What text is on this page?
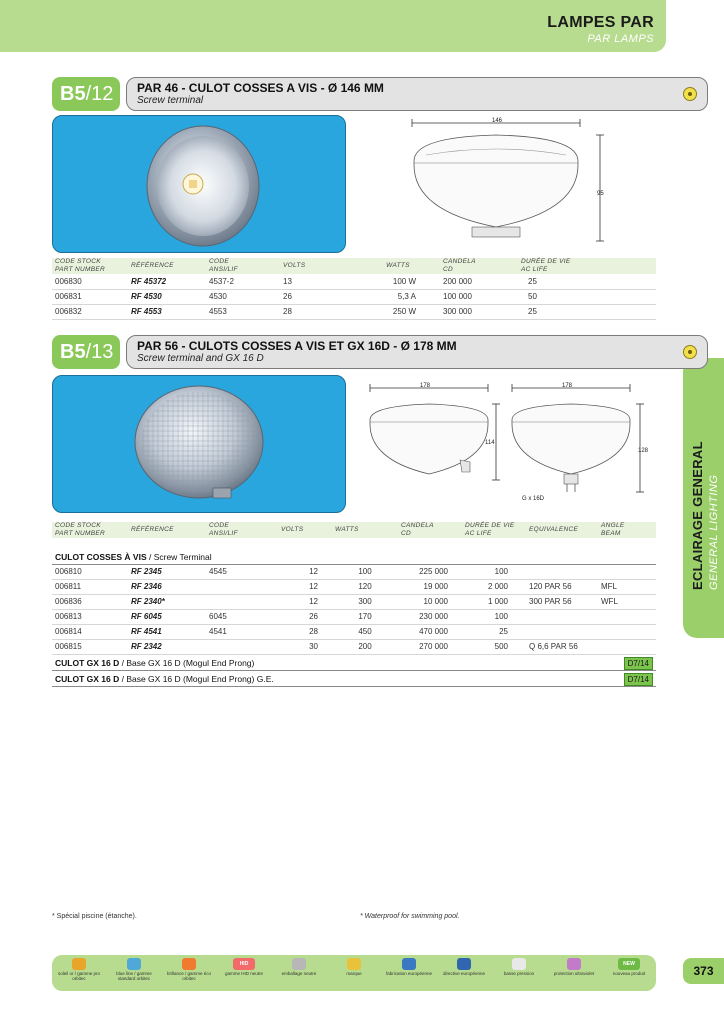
LAMPES PAR
PAR LAMPS
ECLAIRAGE GENERAL GENERAL LIGHTING
B5/12	PAR 46 - CULOT COSSES A VIS - Ø 146 MM
Screw terminal
146
95
CODE STOCK
PART NUMBER	RÉFÉRENCE	CODE
ANSI/LIF	VOLTS	WATTS	CANDELA
CD	DURÉE DE VIE
AC LIFE
006830	RF 45372	4537-2	13	100 W	200 000	25
006831	RF 4530	4530	26	5,3 A	100 000	50
006832	RF 4553	4553	28	250 W	300 000	25
B5/13	PAR 56 - CULOTS COSSES A VIS ET GX 16D - Ø 178 MM
Screw terminal and GX 16 D
178
114
178
128
G x 16D
CODE STOCK
PART NUMBER	RÉFÉRENCE	CODE
ANSI/LIF	VOLTS	WATTS	CANDELA
CD	DURÉE DE VIE
AC LIFE	EQUIVALENCE	ANGLE
BEAM

CULOT COSSES À VIS / Screw Terminal								
006810	RF 2345	4545	12	100	225 000	100		
006811	RF 2346		12	120	19 000	2 000	120 PAR 56	MFL
006836	RF 2340*		12	300	10 000	1 000	300 PAR 56	WFL
006813	RF 6045	6045	26	170	230 000	100		
006814	RF 4541	4541	28	450	470 000	25		
006815	RF 2342		30	200	270 000	500	Q 6,6 PAR 56	
CULOT GX 16 D / Base GX 16 D (Mogul End Prong)								D7/14
CULOT GX 16 D / Base GX 16 D (Mogul End Prong) G.E.								D7/14
* Spécial piscine (étanche).	* Waterproof for swimming pool.
soleil or / gamme pro orbitec
blue line / gamme standard orbitec
brillance / gamme éco orbitec
HID
gamme HID neutre	emballage neutre	marque	fabrication européenne	directive européenne	basse pression	protection ultraviolet
NEW
nouveau produit	373
